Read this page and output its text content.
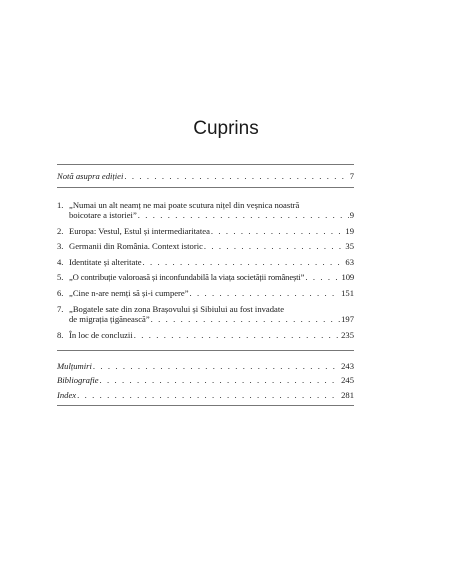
Cuprins
Notă asupra ediției . . .	7
1. „Numai un alt neamț ne mai poate scutura nițel din veșnica noastră
boicotare a istoriei” . . .	9
2. Europa: Vestul, Estul și intermediaritatea . . .	19
3. Germanii din România. Context istoric . . .	35
4. Identitate și alteritate . . .	63
5. „O contribuție valoroasă și inconfundabilă la viața societății românești” . . .	109
6. „Cine n-are nemți să și-i cumpere” . . .	151
7. „Bogatele sate din zona Brașovului și Sibiului au fost invadate
de migrația țigănească” . . .	197
8. În loc de concluzii . . .	235
Mulțumiri . . .	243
Bibliografie . . .	245
Index . . .	281
